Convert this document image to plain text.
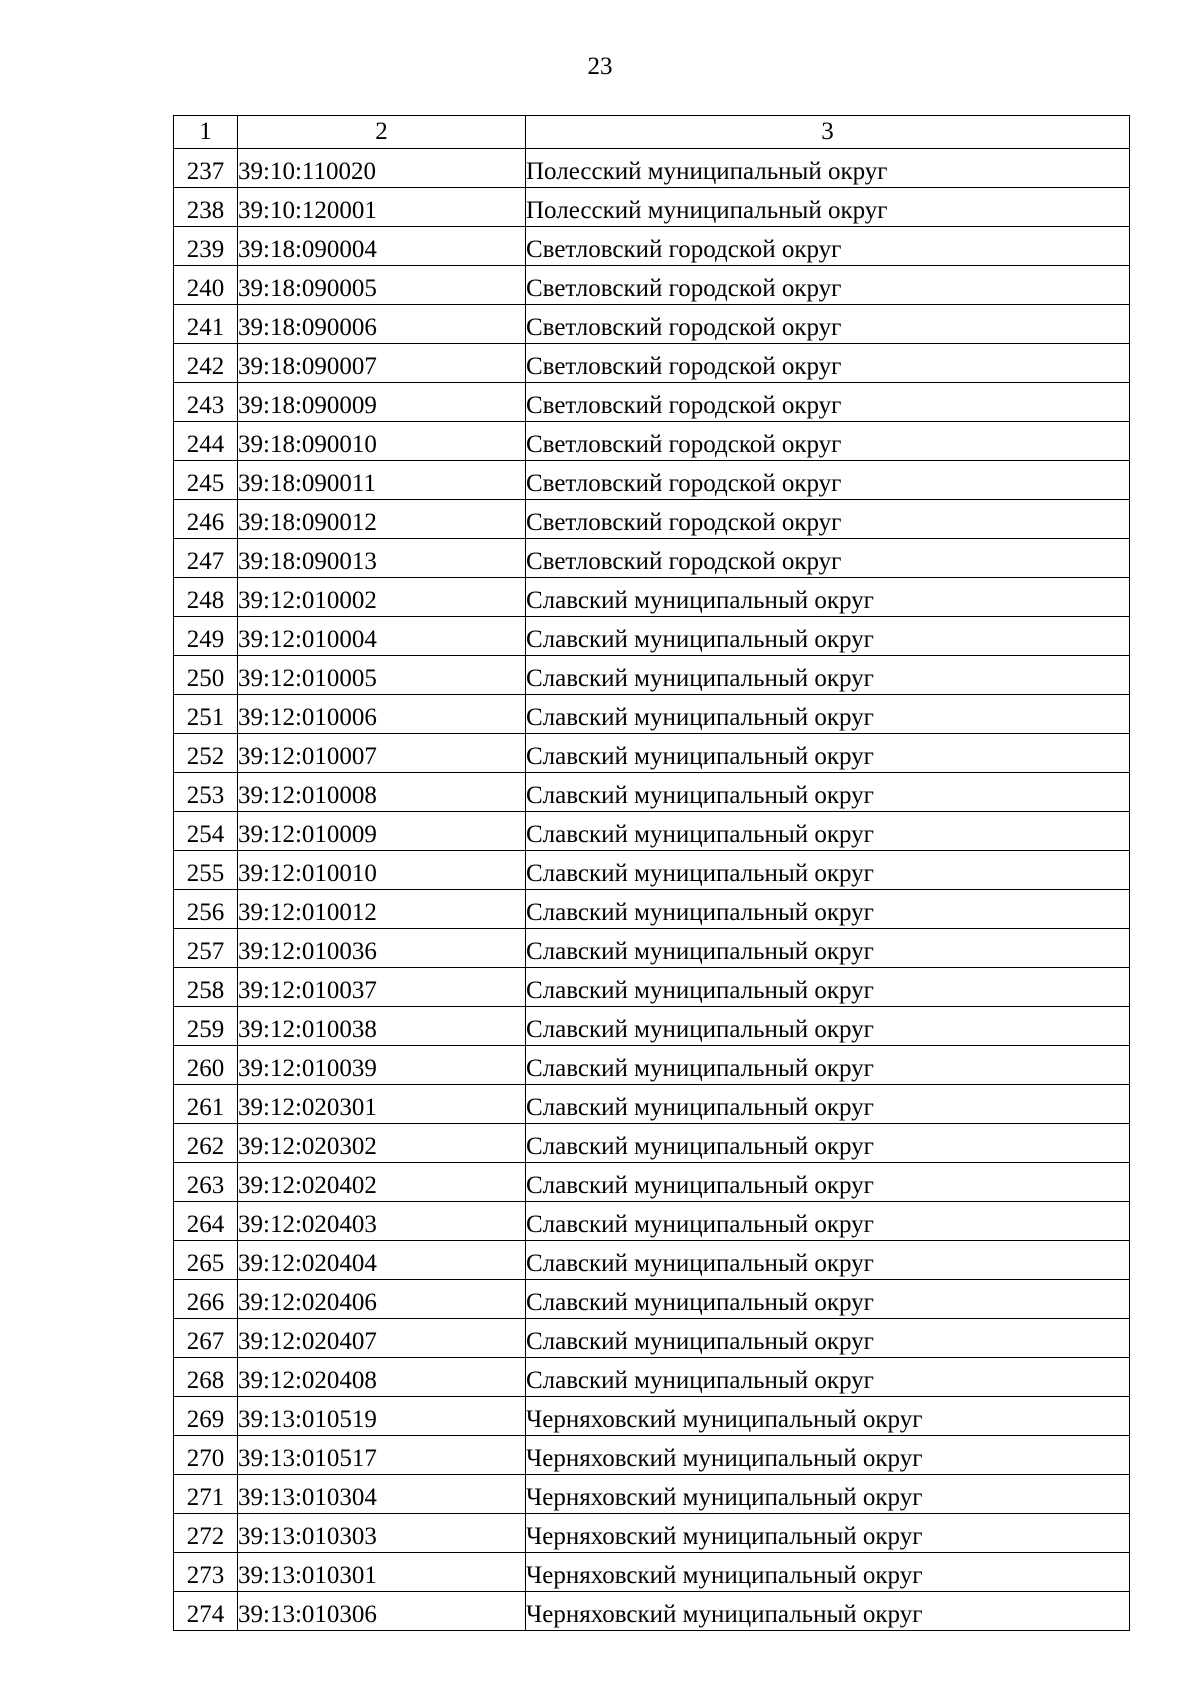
23
1	2	3
237	39:10:110020	Полесский муниципальный округ
238	39:10:120001	Полесский муниципальный округ
239	39:18:090004	Светловский городской округ
240	39:18:090005	Светловский городской округ
241	39:18:090006	Светловский городской округ
242	39:18:090007	Светловский городской округ
243	39:18:090009	Светловский городской округ
244	39:18:090010	Светловский городской округ
245	39:18:090011	Светловский городской округ
246	39:18:090012	Светловский городской округ
247	39:18:090013	Светловский городской округ
248	39:12:010002	Славский муниципальный округ
249	39:12:010004	Славский муниципальный округ
250	39:12:010005	Славский муниципальный округ
251	39:12:010006	Славский муниципальный округ
252	39:12:010007	Славский муниципальный округ
253	39:12:010008	Славский муниципальный округ
254	39:12:010009	Славский муниципальный округ
255	39:12:010010	Славский муниципальный округ
256	39:12:010012	Славский муниципальный округ
257	39:12:010036	Славский муниципальный округ
258	39:12:010037	Славский муниципальный округ
259	39:12:010038	Славский муниципальный округ
260	39:12:010039	Славский муниципальный округ
261	39:12:020301	Славский муниципальный округ
262	39:12:020302	Славский муниципальный округ
263	39:12:020402	Славский муниципальный округ
264	39:12:020403	Славский муниципальный округ
265	39:12:020404	Славский муниципальный округ
266	39:12:020406	Славский муниципальный округ
267	39:12:020407	Славский муниципальный округ
268	39:12:020408	Славский муниципальный округ
269	39:13:010519	Черняховский муниципальный округ
270	39:13:010517	Черняховский муниципальный округ
271	39:13:010304	Черняховский муниципальный округ
272	39:13:010303	Черняховский муниципальный округ
273	39:13:010301	Черняховский муниципальный округ
274	39:13:010306	Черняховский муниципальный округ
